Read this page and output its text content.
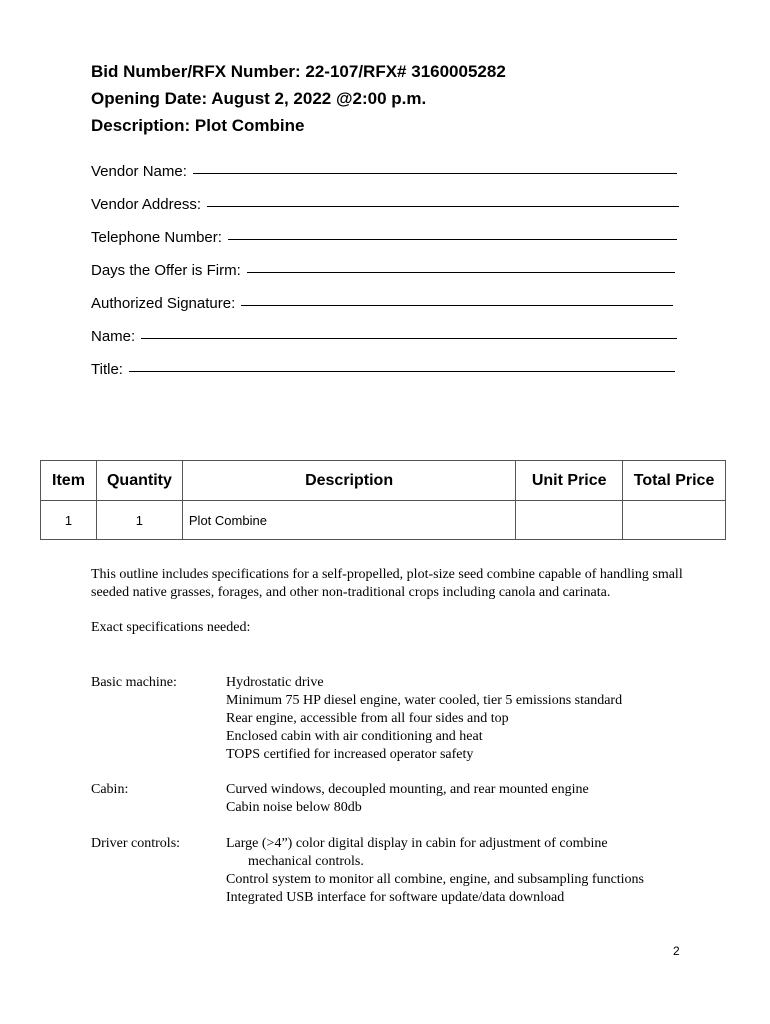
Bid Number/RFX Number: 22-107/RFX# 3160005282
Opening Date: August 2, 2022 @2:00 p.m.
Description: Plot Combine
Vendor Name:
Vendor Address:
Telephone Number:
Days the Offer is Firm:
Authorized Signature:
Name:
Title:
Item	Quantity	Description	Unit Price	Total Price
1	1	Plot Combine		

This outline includes specifications for a self-propelled, plot-size seed combine capable of handling small seeded native grasses, forages, and other non-traditional crops including canola and carinata.

Exact specifications needed:

Basic machine:	Hydrostatic drive
Minimum 75 HP diesel engine, water cooled, tier 5 emissions standard
Rear engine, accessible from all four sides and top
Enclosed cabin with air conditioning and heat
TOPS certified for increased operator safety
Cabin:	Curved windows, decoupled mounting, and rear mounted engine
Cabin noise below 80db
Driver controls:	Large (>4”) color digital display in cabin for adjustment of combine
mechanical controls.
Control system to monitor all combine, engine, and subsampling functions
Integrated USB interface for software update/data download
2
